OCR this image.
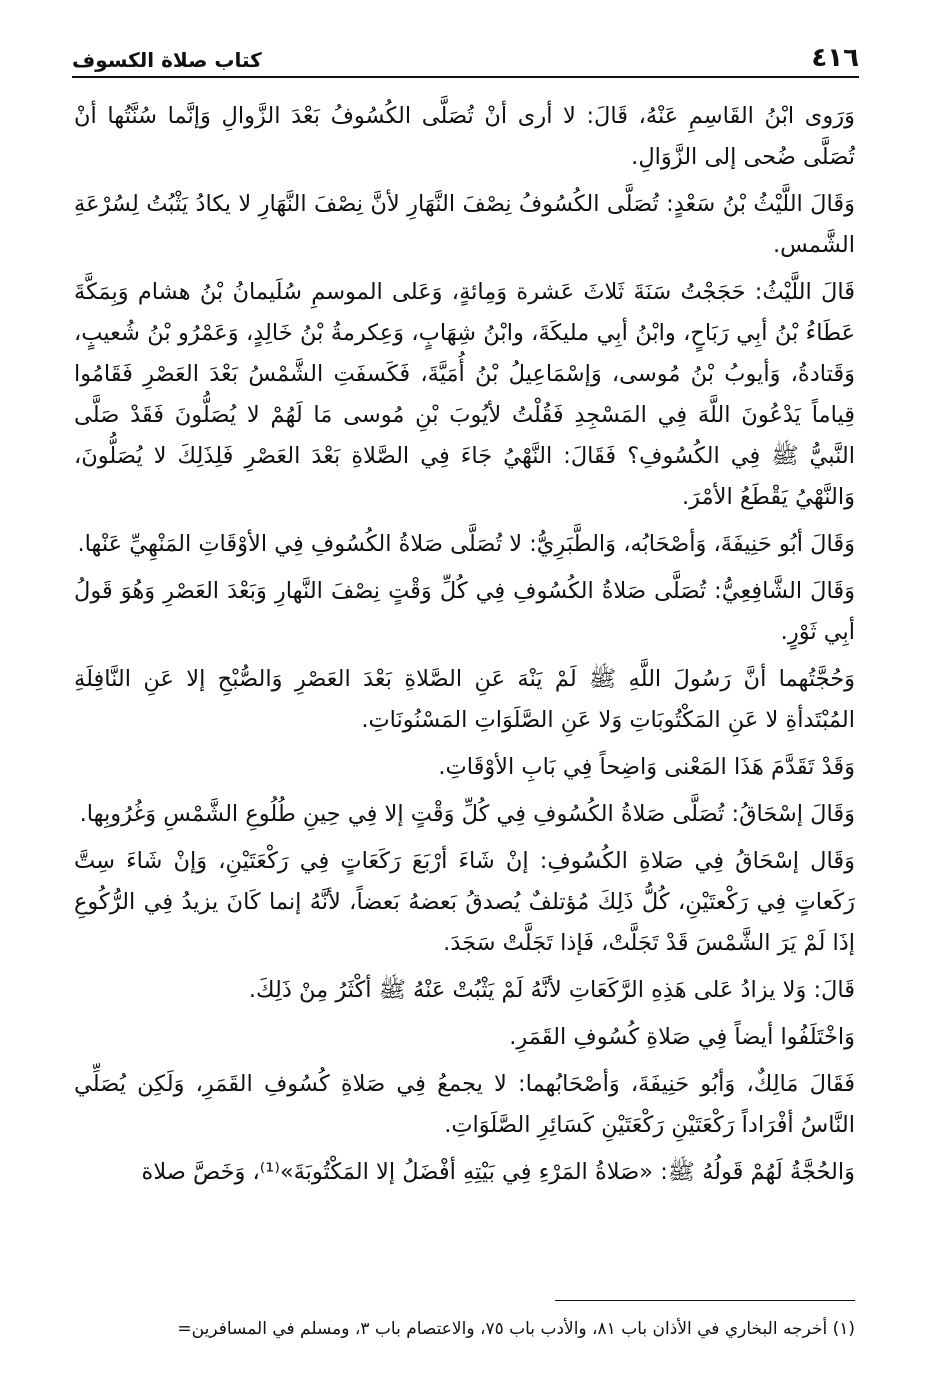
٤١٦
كتاب صلاة الكسوف

وَرَوى ابْنُ القَاسِمِ عَنْهُ، قَالَ: لا أرى أنْ تُصَلَّى الكُسُوفُ بَعْدَ الزَّوالِ وَإنَّما سُنَّتُها أنْ تُصَلَّى ضُحى إلى الزَّوَالِ.

وَقَالَ اللَّيْثُ بْنُ سَعْدٍ: تُصَلَّى الكُسُوفُ نِصْفَ النَّهَارِ لأنَّ نِصْفَ النَّهَارِ لا يكادُ يَثْبُتُ لِسُرْعَةِ الشَّمس.

قَالَ اللَّيْثُ: حَجَجْتُ سَنَةَ ثَلاثَ عَشرة وَمِائةٍ، وَعَلى الموسمِ سُلَيمانُ بْنُ هشام وَبِمَكَّةَ عَطَاءُ بْنُ أبِي رَبَاحٍ، وابْنُ أبِي مليكَةَ، وابْنُ شِهَابٍ، وَعِكرمةُ بْنُ خَالِدٍ، وَعَمْرُو بْنُ شُعيبٍ، وَقَتادةُ، وَأيوبُ بْنُ مُوسى، وَإسْمَاعِيلُ بْنُ أُمَيَّةَ، فَكَسفَتِ الشَّمْسُ بَعْدَ العَصْرِ فَقَامُوا قِياماً يَدْعُونَ اللَّهَ فِي المَسْجِدِ فَقُلْتُ لأيُوبَ بْنِ مُوسى مَا لَهُمْ لا يُصَلُّونَ فَقَدْ صَلَّى النَّبيُّ ﷺ فِي الكُسُوفِ؟ فَقَالَ: النَّهْيُ جَاءَ فِي الصَّلاةِ بَعْدَ العَصْرِ فَلِذَلِكَ لا يُصَلُّونَ، وَالنَّهْيُ يَقْطَعُ الأمْرَ.

وَقَالَ أبُو حَنِيفَةَ، وَأصْحَابُه، وَالطَّبَرِيُّ: لا تُصَلَّى صَلاةُ الكُسُوفِ فِي الأوْقَاتِ المَنْهِيِّ عَنْها.

وَقَالَ الشَّافِعِيُّ: تُصَلَّى صَلاةُ الكُسُوفِ فِي كُلِّ وَقْتٍ نِصْفَ النَّهارِ وَبَعْدَ العَصْرِ وَهُوَ قَولُ أبِي ثَوْرٍ.

وَحُجَّتُهما أنَّ رَسُولَ اللَّهِ ﷺ لَمْ يَنْهَ عَنِ الصَّلاةِ بَعْدَ العَصْرِ وَالصُّبْحِ إلا عَنِ النَّافِلَةِ المُبْتَدأةِ لا عَنِ المَكْتُوبَاتِ وَلا عَنِ الصَّلَوَاتِ المَسْنُونَاتِ.

وَقَدْ تَقَدَّمَ هَذَا المَعْنى وَاضِحاً فِي بَابِ الأوْقَاتِ.

وَقَالَ إسْحَاقُ: تُصَلَّى صَلاةُ الكُسُوفِ فِي كُلِّ وَقْتٍ إلا فِي حِينِ طُلُوعِ الشَّمْسِ وَغُرُوبِها.

وَقَال إسْحَاقُ فِي صَلاةِ الكُسُوفِ: إنْ شَاءَ أرْبَعَ رَكَعَاتٍ فِي رَكْعَتَيْنِ، وَإنْ شَاءَ سِتَّ رَكَعاتٍ فِي رَكْعتَيْنِ، كُلُّ ذَلِكَ مُؤتلفٌ يُصدقُ بَعضهُ بَعضاً، لأنَّهُ إنما كَانَ يزيدُ فِي الرُّكُوعِ إذَا لَمْ يَرَ الشَّمْسَ قَدْ تَجَلَّتْ، فَإذا تَجَلَّتْ سَجَدَ.

قَالَ: وَلا يزادُ عَلى هَذِهِ الرَّكَعَاتِ لأنَّهُ لَمْ يَثْبُتْ عَنْهُ ﷺ أكْثَرُ مِنْ ذَلِكَ.

وَاخْتَلَفُوا أيضاً فِي صَلاةِ كُسُوفِ القَمَرِ.

فَقَالَ مَالِكٌ، وَأبُو حَنِيفَةَ، وَأصْحَابُهما: لا يجمعُ فِي صَلاةِ كُسُوفِ القَمَرِ، وَلَكِن يُصَلِّي النَّاسُ أفْرَاداً رَكْعَتَيْنِ رَكْعَتَيْنِ كَسَائِرِ الصَّلَوَاتِ.

وَالحُجَّةُ لَهُمْ قَولُهُ ﷺ: «صَلاةُ المَرْءِ فِي بَيْتِهِ أفْضَلُ إلا المَكْتُوبَةَ»⁽¹⁾، وَخَصَّ صلاة

(١) أخرجه البخاري في الأذان باب ٨١، والأدب باب ٧٥، والاعتصام باب ٣، ومسلم في المسافرين=
